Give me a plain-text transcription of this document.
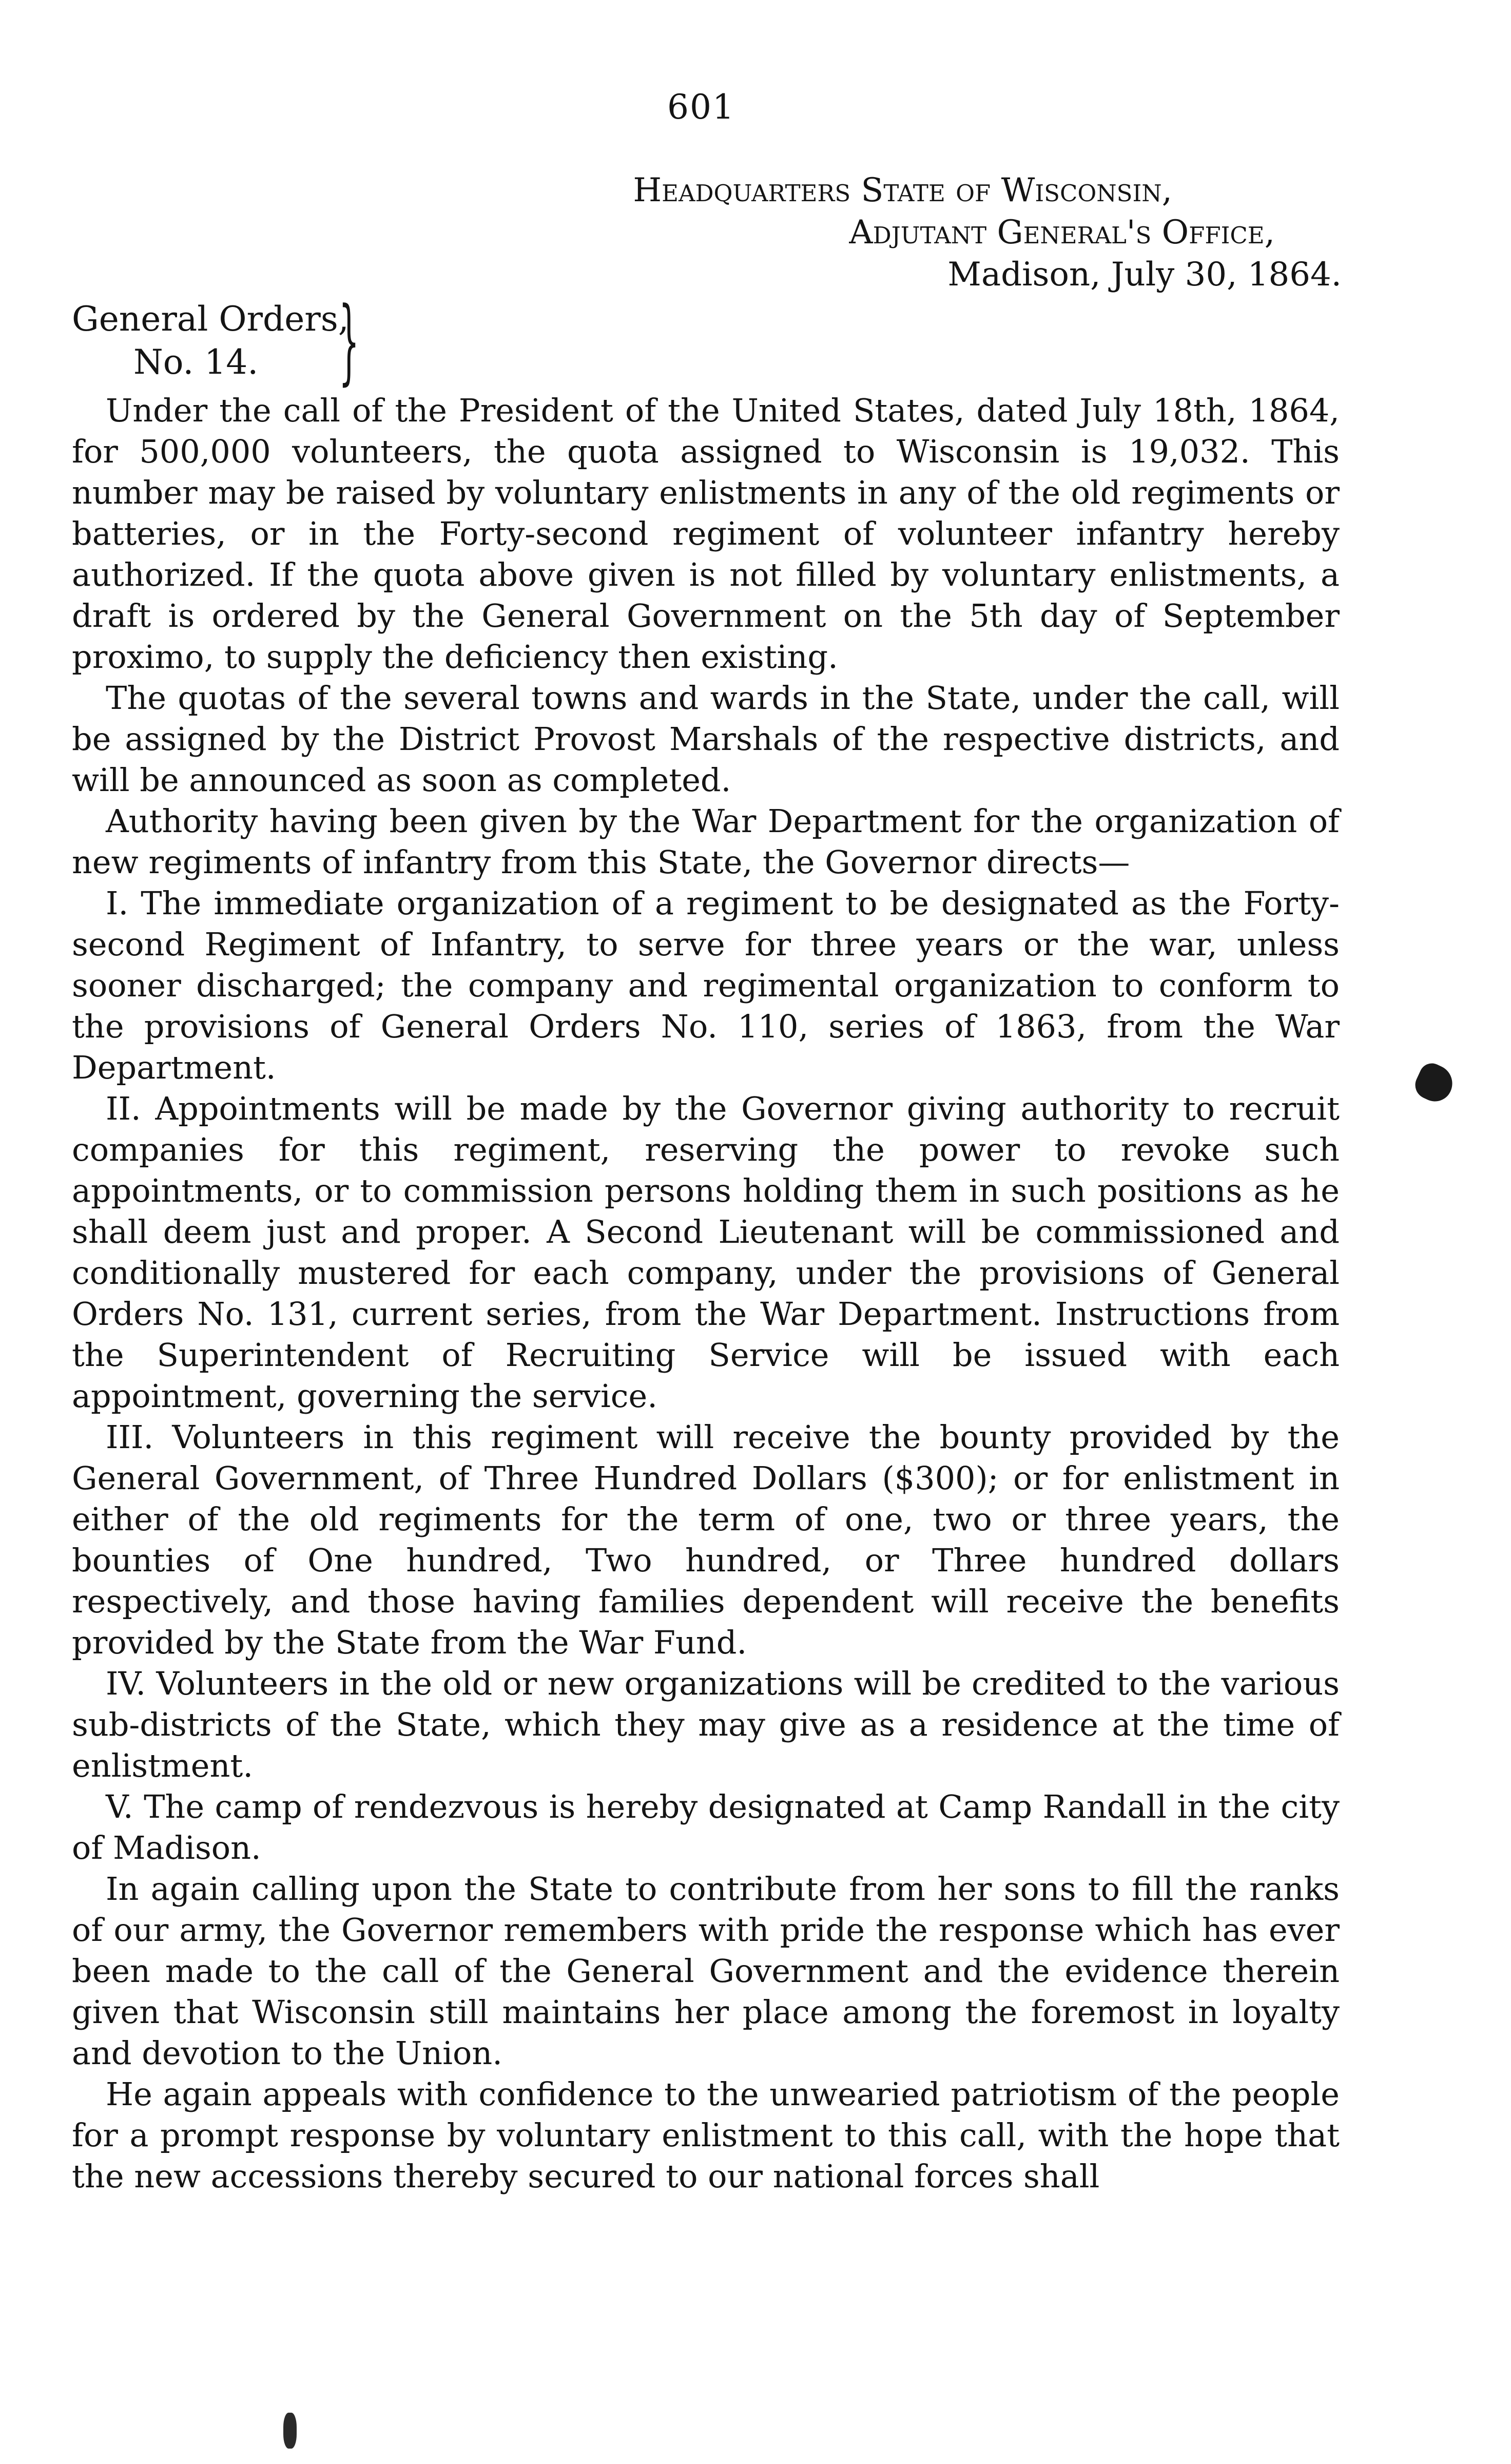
601
Headquarters State of Wisconsin,
Adjutant General's Office,
Madison, July 30, 1864.
General Orders,
No. 14. }

Under the call of the President of the United States, dated July 18th, 1864, for 500,000 volunteers, the quota assigned to Wisconsin is 19,032. This number may be raised by voluntary enlistments in any of the old regiments or batteries, or in the Forty-second regiment of volunteer infantry hereby authorized. If the quota above given is not filled by voluntary enlistments, a draft is ordered by the General Government on the 5th day of September proximo, to supply the deficiency then existing.

The quotas of the several towns and wards in the State, under the call, will be assigned by the District Provost Marshals of the respective districts, and will be announced as soon as completed.

Authority having been given by the War Department for the organization of new regiments of infantry from this State, the Governor directs—

I. The immediate organization of a regiment to be designated as the Forty-second Regiment of Infantry, to serve for three years or the war, unless sooner discharged; the company and regimental organization to conform to the provisions of General Orders No. 110, series of 1863, from the War Department.

II. Appointments will be made by the Governor giving authority to recruit companies for this regiment, reserving the power to revoke such appointments, or to commission persons holding them in such positions as he shall deem just and proper. A Second Lieutenant will be commissioned and conditionally mustered for each company, under the provisions of General Orders No. 131, current series, from the War Department. Instructions from the Superintendent of Recruiting Service will be issued with each appointment, governing the service.

III. Volunteers in this regiment will receive the bounty provided by the General Government, of Three Hundred Dollars ($300); or for enlistment in either of the old regiments for the term of one, two or three years, the bounties of One hundred, Two hundred, or Three hundred dollars respectively, and those having families dependent will receive the benefits provided by the State from the War Fund.

IV. Volunteers in the old or new organizations will be credited to the various sub-districts of the State, which they may give as a residence at the time of enlistment.

V. The camp of rendezvous is hereby designated at Camp Randall in the city of Madison.

In again calling upon the State to contribute from her sons to fill the ranks of our army, the Governor remembers with pride the response which has ever been made to the call of the General Government and the evidence therein given that Wisconsin still maintains her place among the foremost in loyalty and devotion to the Union.

He again appeals with confidence to the unwearied patriotism of the people for a prompt response by voluntary enlistment to this call, with the hope that the new accessions thereby secured to our national forces shall
